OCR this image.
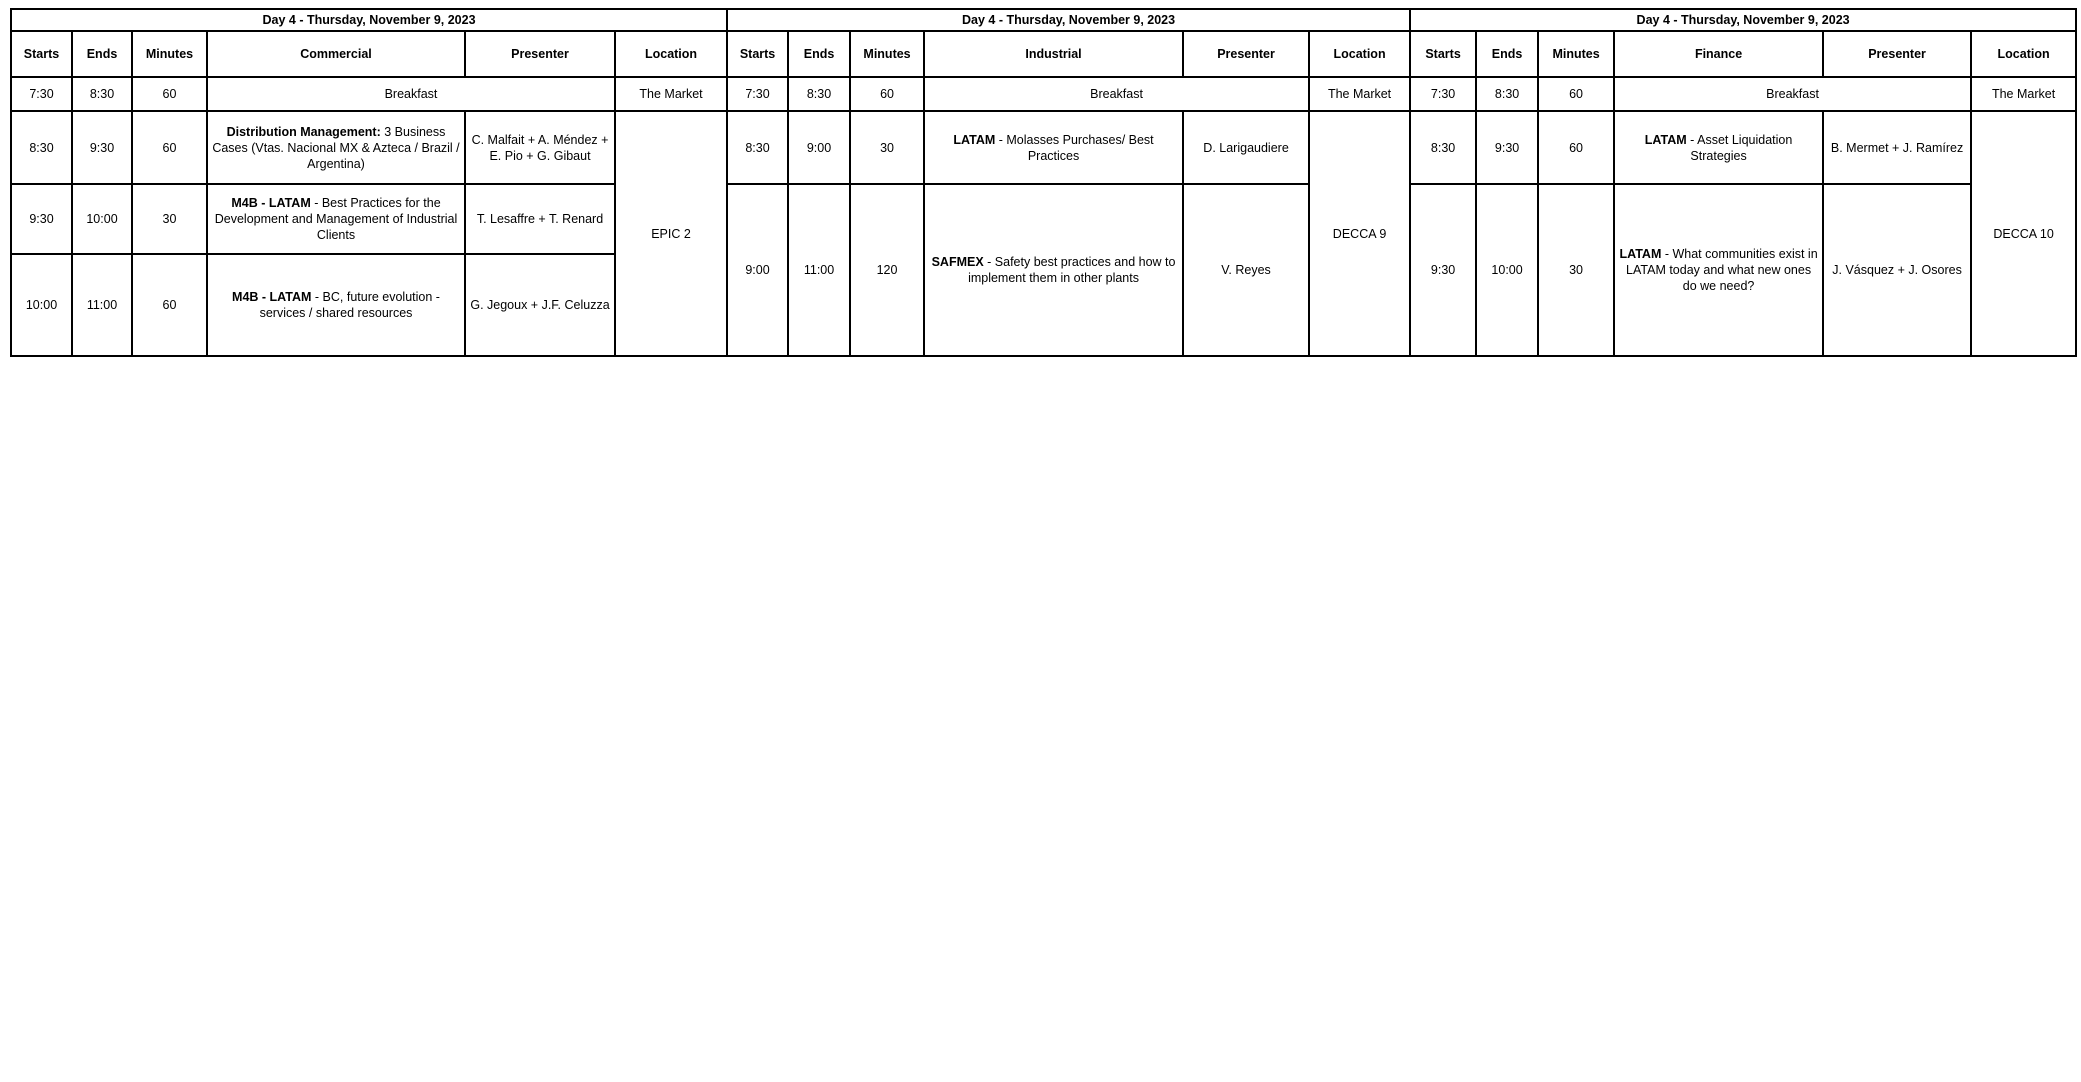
Day 4 - Thursday, November 9, 2023						Day 4 - Thursday, November 9, 2023						Day 4 - Thursday, November 9, 2023					
Starts	Ends	Minutes	Commercial	Presenter	Location	Starts	Ends	Minutes	Industrial	Presenter	Location	Starts	Ends	Minutes	Finance	Presenter	Location
7:30	8:30	60	Breakfast		The Market	7:30	8:30	60	Breakfast		The Market	7:30	8:30	60	Breakfast		The Market
8:30	9:30	60	Distribution Management: 3 Business Cases (Vtas. Nacional MX & Azteca / Brazil / Argentina)	C. Malfait + A. Méndez + E. Pio + G. Gibaut	EPIC 2	8:30	9:00	30	LATAM - Molasses Purchases/ Best Practices	D. Larigaudiere	DECCA 9	8:30	9:30	60	LATAM - Asset Liquidation Strategies	B. Mermet + J. Ramírez	DECCA 10
9:30	10:00	30	M4B - LATAM - Best Practices for the Development and Management of Industrial Clients	T. Lesaffre + T. Renard		9:00	11:00	120	SAFMEX - Safety best practices and how to implement them in other plants	V. Reyes		9:30	10:00	30	LATAM - What communities exist in LATAM today and what new ones do we need?	J. Vásquez + J. Osores	

10:00	11:00	60	M4B - LATAM - BC, future evolution - services / shared resources	G. Jegoux + J.F. Celuzza													
